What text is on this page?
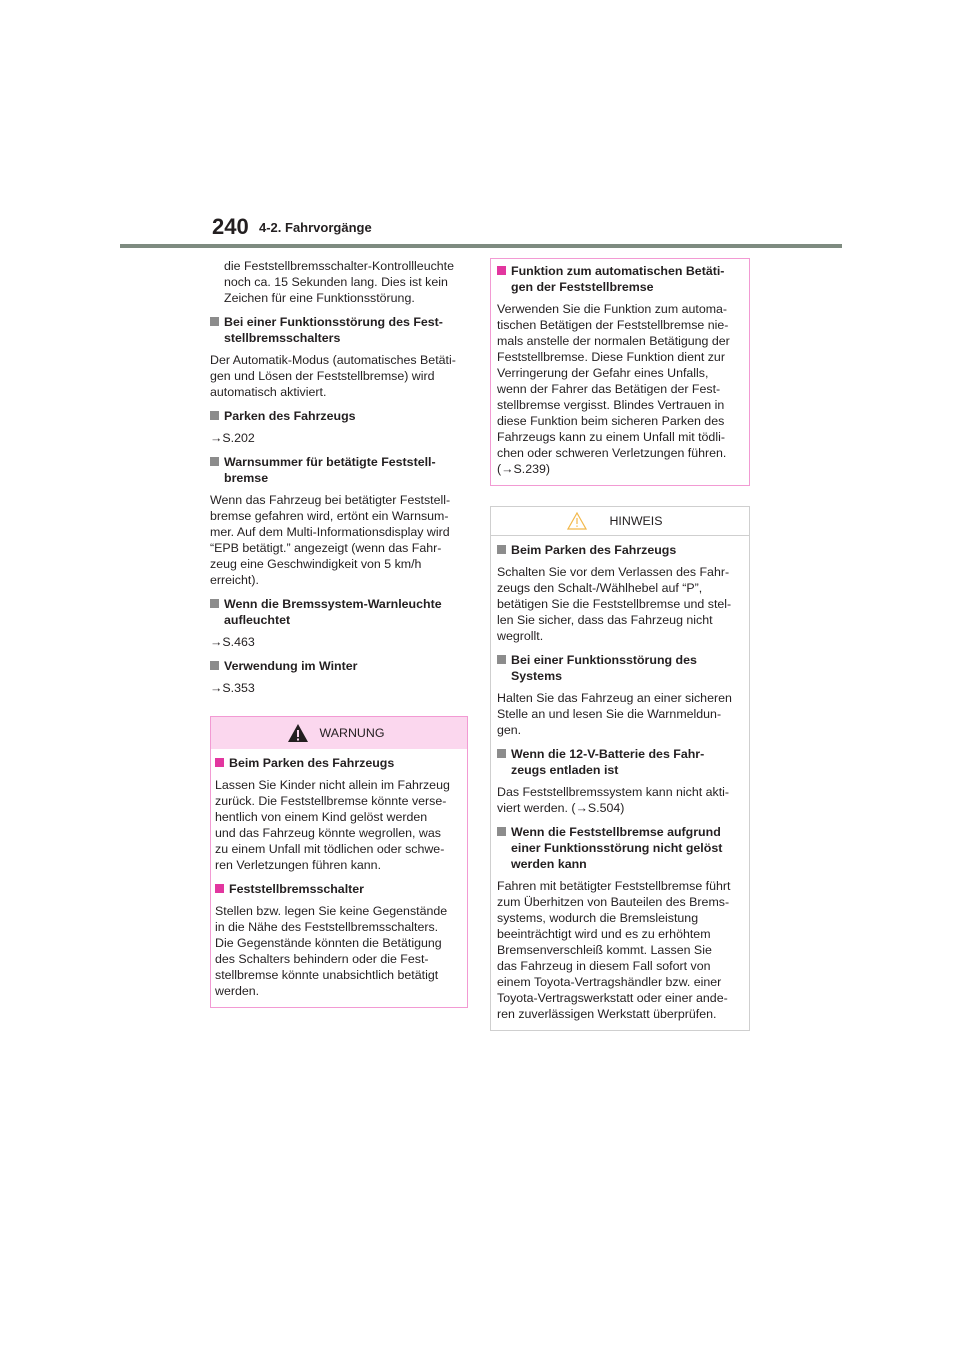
240 4-2. Fahrvorgänge
die Feststellbremsschalter-Kontrollleuchte
noch ca. 15 Sekunden lang. Dies ist kein
Zeichen für eine Funktionsstörung.
Bei einer Funktionsstörung des Fest-
stellbremsschalters
Der Automatik-Modus (automatisches Betäti-
gen und Lösen der Feststellbremse) wird
automatisch aktiviert.
Parken des Fahrzeugs
→S.202
Warnsummer für betätigte Feststell-
bremse
Wenn das Fahrzeug bei betätigter Feststell-
bremse gefahren wird, ertönt ein Warnsum-
mer. Auf dem Multi-Informationsdisplay wird
“EPB betätigt.” angezeigt (wenn das Fahr-
zeug eine Geschwindigkeit von 5 km/h
erreicht).
Wenn die Bremssystem-Warnleuchte
aufleuchtet
→S.463
Verwendung im Winter
→S.353
WARNUNG
Beim Parken des Fahrzeugs
Lassen Sie Kinder nicht allein im Fahrzeug
zurück. Die Feststellbremse könnte verse-
hentlich von einem Kind gelöst werden
und das Fahrzeug könnte wegrollen, was
zu einem Unfall mit tödlichen oder schwe-
ren Verletzungen führen kann.
Feststellbremsschalter
Stellen bzw. legen Sie keine Gegenstände
in die Nähe des Feststellbremsschalters.
Die Gegenstände könnten die Betätigung
des Schalters behindern oder die Fest-
stellbremse könnte unabsichtlich betätigt
werden.
Funktion zum automatischen Betäti-
gen der Feststellbremse
Verwenden Sie die Funktion zum automa-
tischen Betätigen der Feststellbremse nie-
mals anstelle der normalen Betätigung der
Feststellbremse. Diese Funktion dient zur
Verringerung der Gefahr eines Unfalls,
wenn der Fahrer das Betätigen der Fest-
stellbremse vergisst. Blindes Vertrauen in
diese Funktion beim sicheren Parken des
Fahrzeugs kann zu einem Unfall mit tödli-
chen oder schweren Verletzungen führen.
(→S.239)
HINWEIS
Beim Parken des Fahrzeugs
Schalten Sie vor dem Verlassen des Fahr-
zeugs den Schalt-/Wählhebel auf “P”,
betätigen Sie die Feststellbremse und stel-
len Sie sicher, dass das Fahrzeug nicht
wegrollt.
Bei einer Funktionsstörung des
Systems
Halten Sie das Fahrzeug an einer sicheren
Stelle an und lesen Sie die Warnmeldun-
gen.
Wenn die 12-V-Batterie des Fahr-
zeugs entladen ist
Das Feststellbremssystem kann nicht akti-
viert werden. (→S.504)
Wenn die Feststellbremse aufgrund
einer Funktionsstörung nicht gelöst
werden kann
Fahren mit betätigter Feststellbremse führt
zum Überhitzen von Bauteilen des Brems-
systems, wodurch die Bremsleistung
beeinträchtigt wird und es zu erhöhtem
Bremsenverschleiß kommt. Lassen Sie
das Fahrzeug in diesem Fall sofort von
einem Toyota-Vertragshändler bzw. einer
Toyota-Vertragswerkstatt oder einer ande-
ren zuverlässigen Werkstatt überprüfen.
